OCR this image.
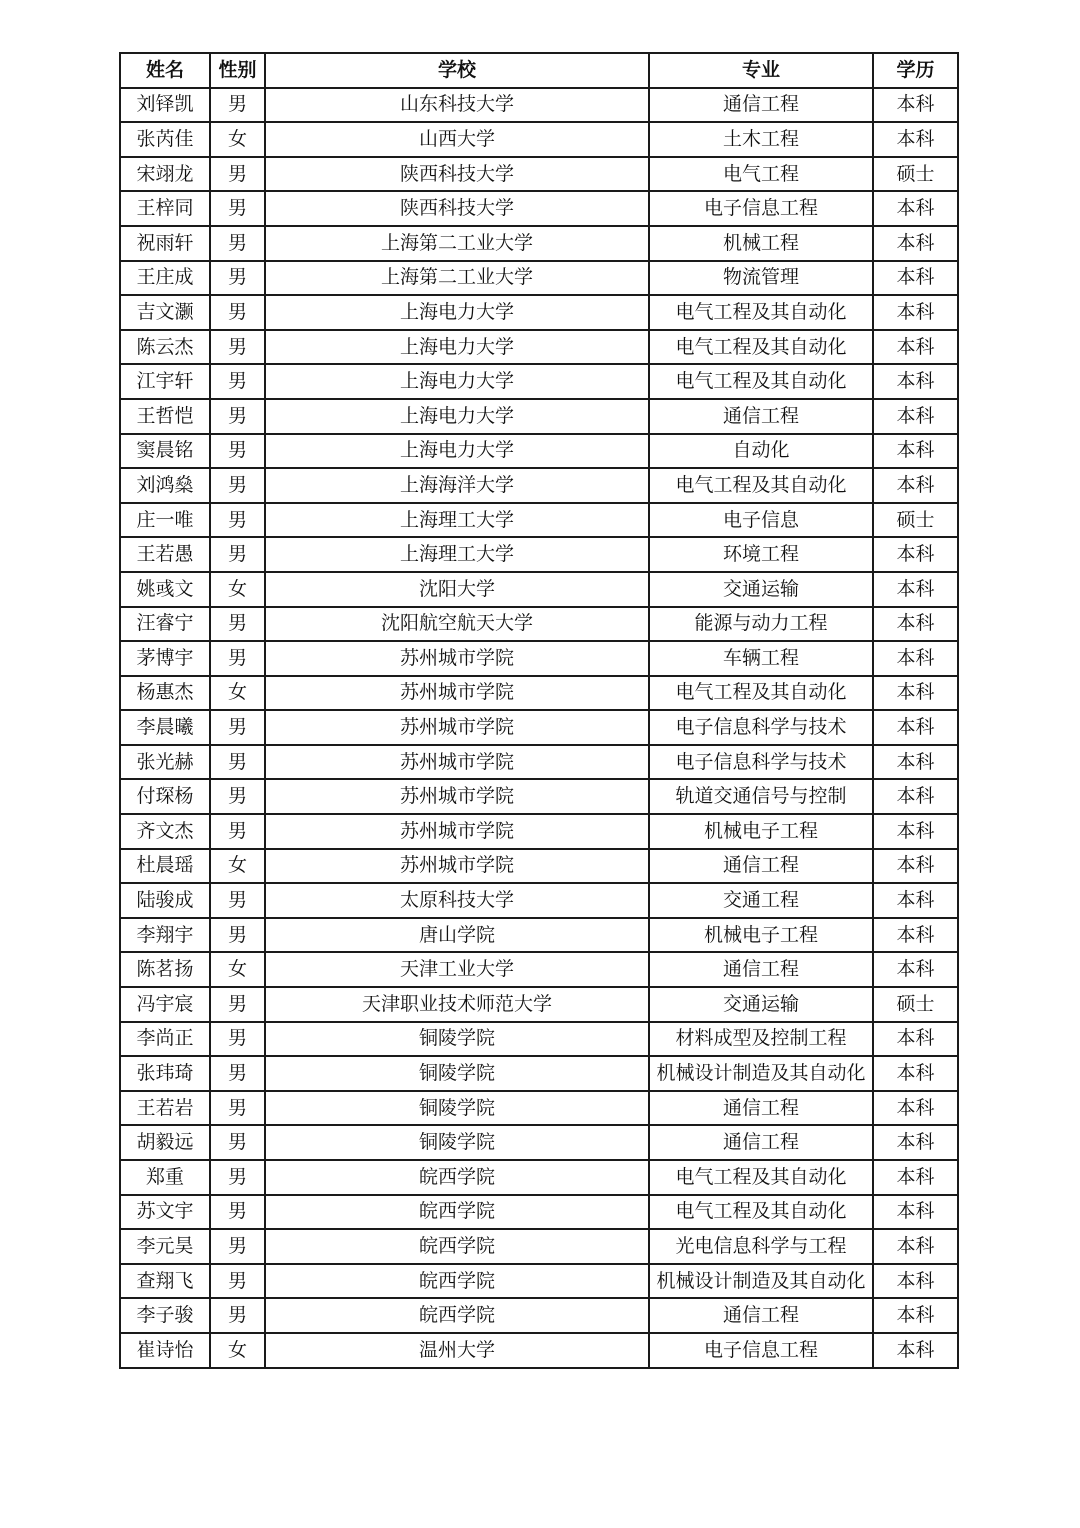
姓名	性别	学校	专业	学历
刘铎凯	男	山东科技大学	通信工程	本科
张芮佳	女	山西大学	土木工程	本科
宋翊龙	男	陕西科技大学	电气工程	硕士
王梓同	男	陕西科技大学	电子信息工程	本科
祝雨轩	男	上海第二工业大学	机械工程	本科
王庄成	男	上海第二工业大学	物流管理	本科
吉文灏	男	上海电力大学	电气工程及其自动化	本科
陈云杰	男	上海电力大学	电气工程及其自动化	本科
江宇轩	男	上海电力大学	电气工程及其自动化	本科
王哲恺	男	上海电力大学	通信工程	本科
窦晨铭	男	上海电力大学	自动化	本科
刘鸿燊	男	上海海洋大学	电气工程及其自动化	本科
庄一唯	男	上海理工大学	电子信息	硕士
王若愚	男	上海理工大学	环境工程	本科
姚彧文	女	沈阳大学	交通运输	本科
汪睿宁	男	沈阳航空航天大学	能源与动力工程	本科
茅博宇	男	苏州城市学院	车辆工程	本科
杨惠杰	女	苏州城市学院	电气工程及其自动化	本科
李晨曦	男	苏州城市学院	电子信息科学与技术	本科
张光赫	男	苏州城市学院	电子信息科学与技术	本科
付琛杨	男	苏州城市学院	轨道交通信号与控制	本科
齐文杰	男	苏州城市学院	机械电子工程	本科
杜晨瑶	女	苏州城市学院	通信工程	本科
陆骏成	男	太原科技大学	交通工程	本科
李翔宇	男	唐山学院	机械电子工程	本科
陈茗扬	女	天津工业大学	通信工程	本科
冯宇宸	男	天津职业技术师范大学	交通运输	硕士
李尚正	男	铜陵学院	材料成型及控制工程	本科
张玮琦	男	铜陵学院	机械设计制造及其自动化	本科
王若岩	男	铜陵学院	通信工程	本科
胡毅远	男	铜陵学院	通信工程	本科
郑重	男	皖西学院	电气工程及其自动化	本科
苏文宇	男	皖西学院	电气工程及其自动化	本科
李元昊	男	皖西学院	光电信息科学与工程	本科
查翔飞	男	皖西学院	机械设计制造及其自动化	本科
李子骏	男	皖西学院	通信工程	本科
崔诗怡	女	温州大学	电子信息工程	本科
